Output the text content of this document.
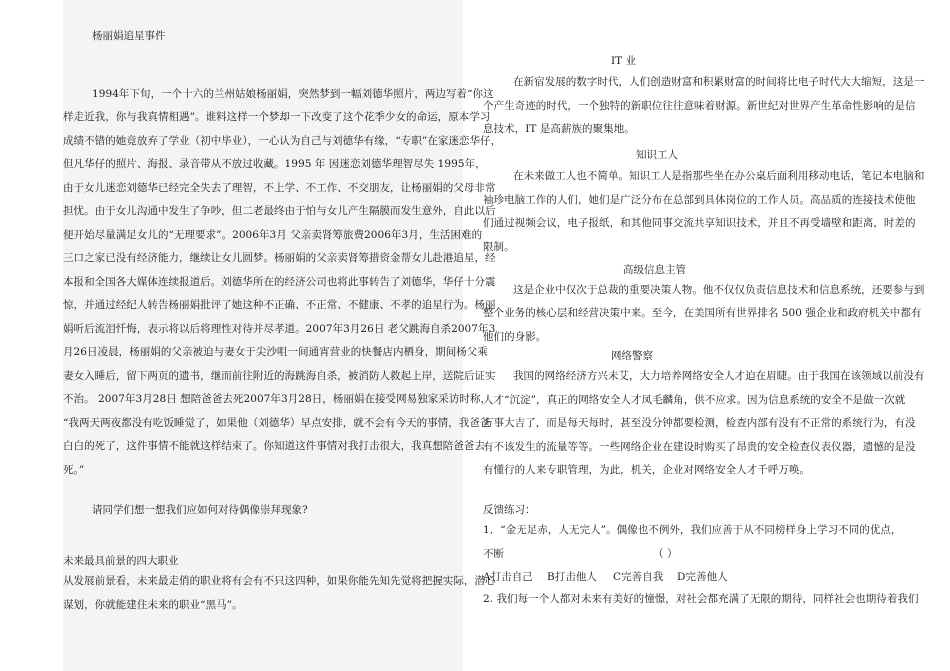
杨丽娟追星事件

1994年下旬，一个十六的兰州姑娘杨丽娟，突然梦到一幅刘德华照片，两边写着“你这

样走近我，你与我真情相遇”。谁料这样一个梦却一下改变了这个花季少女的命运，原本学习

成绩不错的她竟放弃了学业（初中毕业），一心认为自己与刘德华有缘，“专职”在家迷恋华仔，

但凡华仔的照片、海报、录音带从不放过收藏。1995 年 因迷恋刘德华理智尽失 1995年，

由于女儿迷恋刘德华已经完全失去了理智，不上学、不工作、不交朋友，让杨丽娟的父母非常

担忧。由于女儿沟通中发生了争吵，但二老最终由于怕与女儿产生隔膜而发生意外，自此以后

便开始尽量满足女儿的“无理要求”。2006年3月 父亲卖肾筹旅费2006年3月，生活困难的

三口之家已没有经济能力，继续让女儿圆梦。杨丽娟的父亲卖肾筹措资金帮女儿赴港追星，经

本报和全国各大媒体连续报道后。刘德华所在的经济公司也将此事转告了刘德华，华仔十分震

惊，并通过经纪人转告杨丽娟批评了她这种不正确、不正常、不健康、不孝的追星行为。杨丽

娟听后流泪忏悔，表示将以后将理性对待并尽孝道。2007年3月26日 老父跳海自杀2007年3

月26日凌晨，杨丽娟的父亲被迫与妻女于尖沙咀一间通宵营业的快餐店内栖身，期间杨父乘

妻女入睡后，留下两页的遗书，继而前往附近的海跳海自杀，被消防人救起上岸，送院后证实

不治。 2007年3月28日 想陪爸爸去死2007年3月28日，杨丽娟在接受网易独家采访时称，

“我两天两夜都没有吃饭睡觉了，如果他（刘德华）早点安排，就不会有今天的事情，我爸爸

白白的死了，这件事情不能就这样结束了。你知道这件事情对我打击很大，我真想陪爸爸去

死。”

请同学们想一想我们应如何对待偶像崇拜现象?

未来最具前景的四大职业

从发展前景看，未来最走俏的职业将有会有不只这四种，如果你能先知先觉将把握实际，潜心

谋划，你就能建住未来的职业“黑马”。

IT 业

在新宿发展的数字时代，人们创造财富和积累财富的时间将比电子时代大大缩短，这是一

个产生奇迹的时代，一个独特的新职位往往意味着财源。新世纪对世界产生革命性影响的是信

息技术，IT 是高薪族的聚集地。

知识工人

在未来做工人也不简单。知识工人是指那些坐在办公桌后面利用移动电话，笔记本电脑和

袖珍电脑工作的人们，她们是广泛分布在总部到具体岗位的工作人员。高品质的连接技术使他

们通过视频会议，电子报纸，和其他同事交流共享知识技术，并且不再受墙壁和距离，时差的

限制。

高级信息主管

这是企业中仅次于总裁的重要决策人物。他不仅仅负责信息技术和信息系统，还要参与到

整个业务的核心层和经营决策中来。至今，在美国所有世界排名 500 强企业和政府机关中都有

他们的身影。

网络警察

我国的网络经济方兴未艾，大力培养网络安全人才迫在眉睫。由于我国在该领域以前没有

人才“沉淀”，真正的网络安全人才凤毛麟角，供不应求。因为信息系统的安全不是做一次就

万事大吉了，而是每天每时，甚至没分钟都要检测，检查内部有没有不正常的系统行为，有没

有不该发生的流量等等。一些网络企业在建设时购买了昂贵的安全检查仪表仪器，遗憾的是没

有懂行的人来专职管理，为此，机关，企业对网络安全人才千呼万唤。

反馈练习：

1．“金无足赤，人无完人”。偶像也不例外，我们应善于从不同榜样身上学习不同的优点，

不断	（ ）

A打击自己 B打击他人 C完善自我 D完善他人

2. 我们每一个人都对未来有美好的憧憬，对社会都充满了无限的期待，同样社会也期待着我们
